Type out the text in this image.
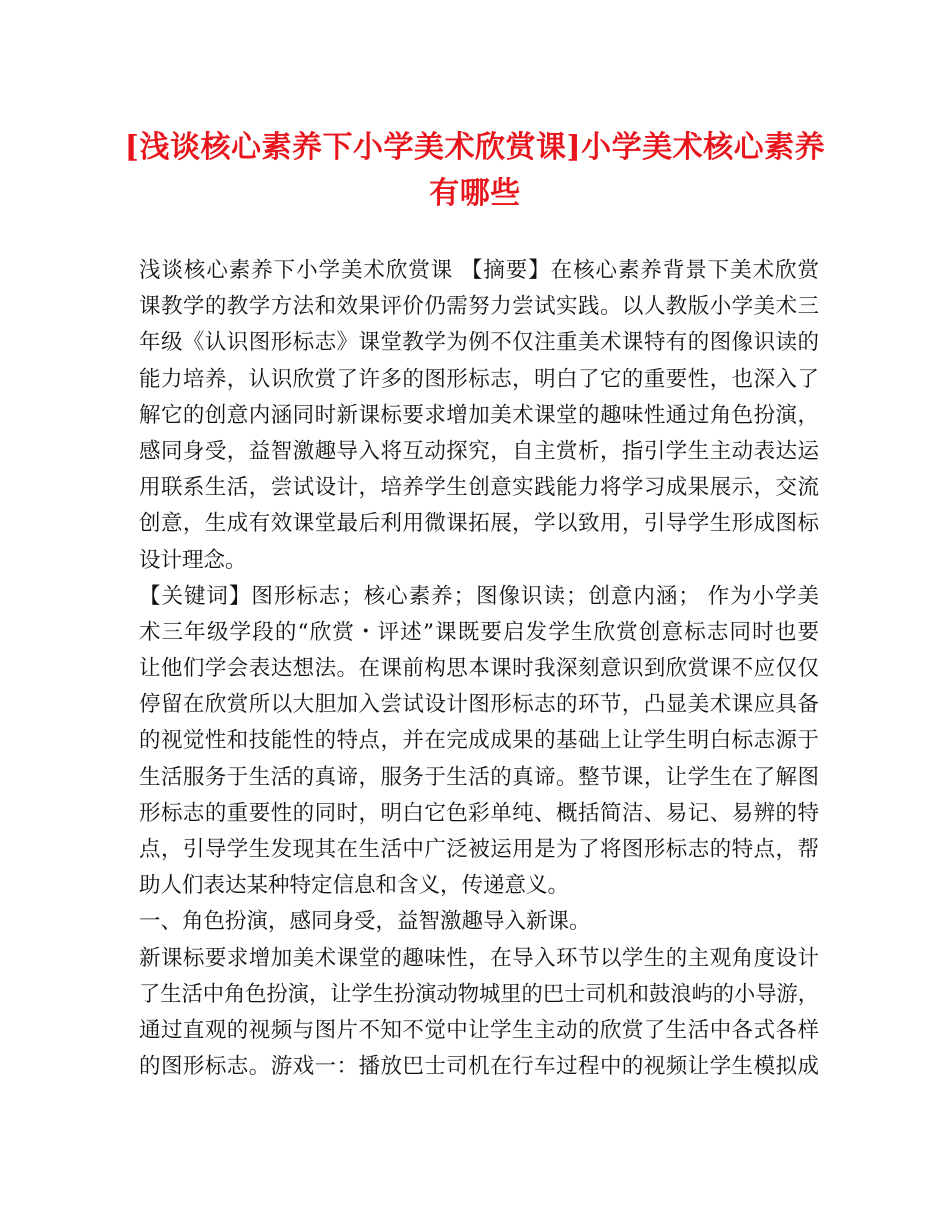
[浅谈核心素养下小学美术欣赏课]小学美术核心素养
有哪些
浅谈核心素养下小学美术欣赏课 【摘要】在核心素养背景下美术欣赏
课教学的教学方法和效果评价仍需努力尝试实践。以人教版小学美术三
年级《认识图形标志》课堂教学为例不仅注重美术课特有的图像识读的
能力培养，认识欣赏了许多的图形标志，明白了它的重要性，也深入了
解它的创意内涵同时新课标要求增加美术课堂的趣味性通过角色扮演，
感同身受，益智激趣导入将互动探究，自主赏析，指引学生主动表达运
用联系生活，尝试设计，培养学生创意实践能力将学习成果展示，交流
创意，生成有效课堂最后利用微课拓展，学以致用，引导学生形成图标
设计理念。
【关键词】图形标志；核心素养；图像识读；创意内涵； 作为小学美
术三年级学段的“欣赏・评述”课既要启发学生欣赏创意标志同时也要
让他们学会表达想法。在课前构思本课时我深刻意识到欣赏课不应仅仅
停留在欣赏所以大胆加入尝试设计图形标志的环节，凸显美术课应具备
的视觉性和技能性的特点，并在完成成果的基础上让学生明白标志源于
生活服务于生活的真谛，服务于生活的真谛。整节课，让学生在了解图
形标志的重要性的同时，明白它色彩单纯、概括简洁、易记、易辨的特
点，引导学生发现其在生活中广泛被运用是为了将图形标志的特点，帮
助人们表达某种特定信息和含义，传递意义。
一、角色扮演，感同身受，益智激趣导入新课。
新课标要求增加美术课堂的趣味性，在导入环节以学生的主观角度设计
了生活中角色扮演，让学生扮演动物城里的巴士司机和鼓浪屿的小导游，
通过直观的视频与图片不知不觉中让学生主动的欣赏了生活中各式各样
的图形标志。游戏一：播放巴士司机在行车过程中的视频让学生模拟成
